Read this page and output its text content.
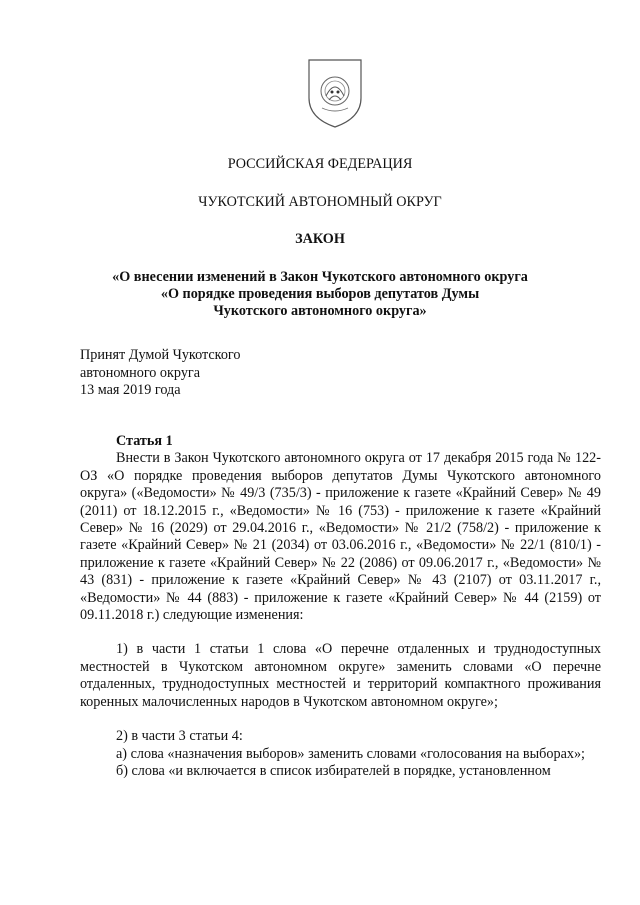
РОССИЙСКАЯ ФЕДЕРАЦИЯ
ЧУКОТСКИЙ АВТОНОМНЫЙ ОКРУГ
ЗАКОН
«О внесении изменений в Закон Чукотского автономного округа
«О порядке проведения выборов депутатов Думы
Чукотского автономного округа»
Принят Думой Чукотского
автономного округа
13 мая 2019 года

Статья 1

Внести в Закон Чукотского автономного округа от 17 декабря 2015 года № 122-ОЗ «О порядке проведения выборов депутатов Думы Чукотского автономного округа» («Ведомости» № 49/3 (735/3) - приложение к газете «Крайний Север» № 49 (2011) от 18.12.2015 г., «Ведомости» № 16 (753) - приложение к газете «Крайний Север» № 16 (2029) от 29.04.2016 г., «Ведомости» № 21/2 (758/2) - приложение к газете «Крайний Север» № 21 (2034) от 03.06.2016 г., «Ведомости» № 22/1 (810/1) - приложение к газете «Крайний Север» № 22 (2086) от 09.06.2017 г., «Ведомости» № 43 (831) - приложение к газете «Крайний Север» № 43 (2107) от 03.11.2017 г., «Ведомости» № 44 (883) - приложение к газете «Крайний Север» № 44 (2159) от 09.11.2018 г.) следующие изменения:

1) в части 1 статьи 1 слова «О перечне отдаленных и труднодоступных местностей в Чукотском автономном округе» заменить словами «О перечне отдаленных, труднодоступных местностей и территорий компактного проживания коренных малочисленных народов в Чукотском автономном округе»;

2) в части 3 статьи 4:

а) слова «назначения выборов» заменить словами «голосования на выборах»;

б) слова «и включается в список избирателей в порядке, установленном
